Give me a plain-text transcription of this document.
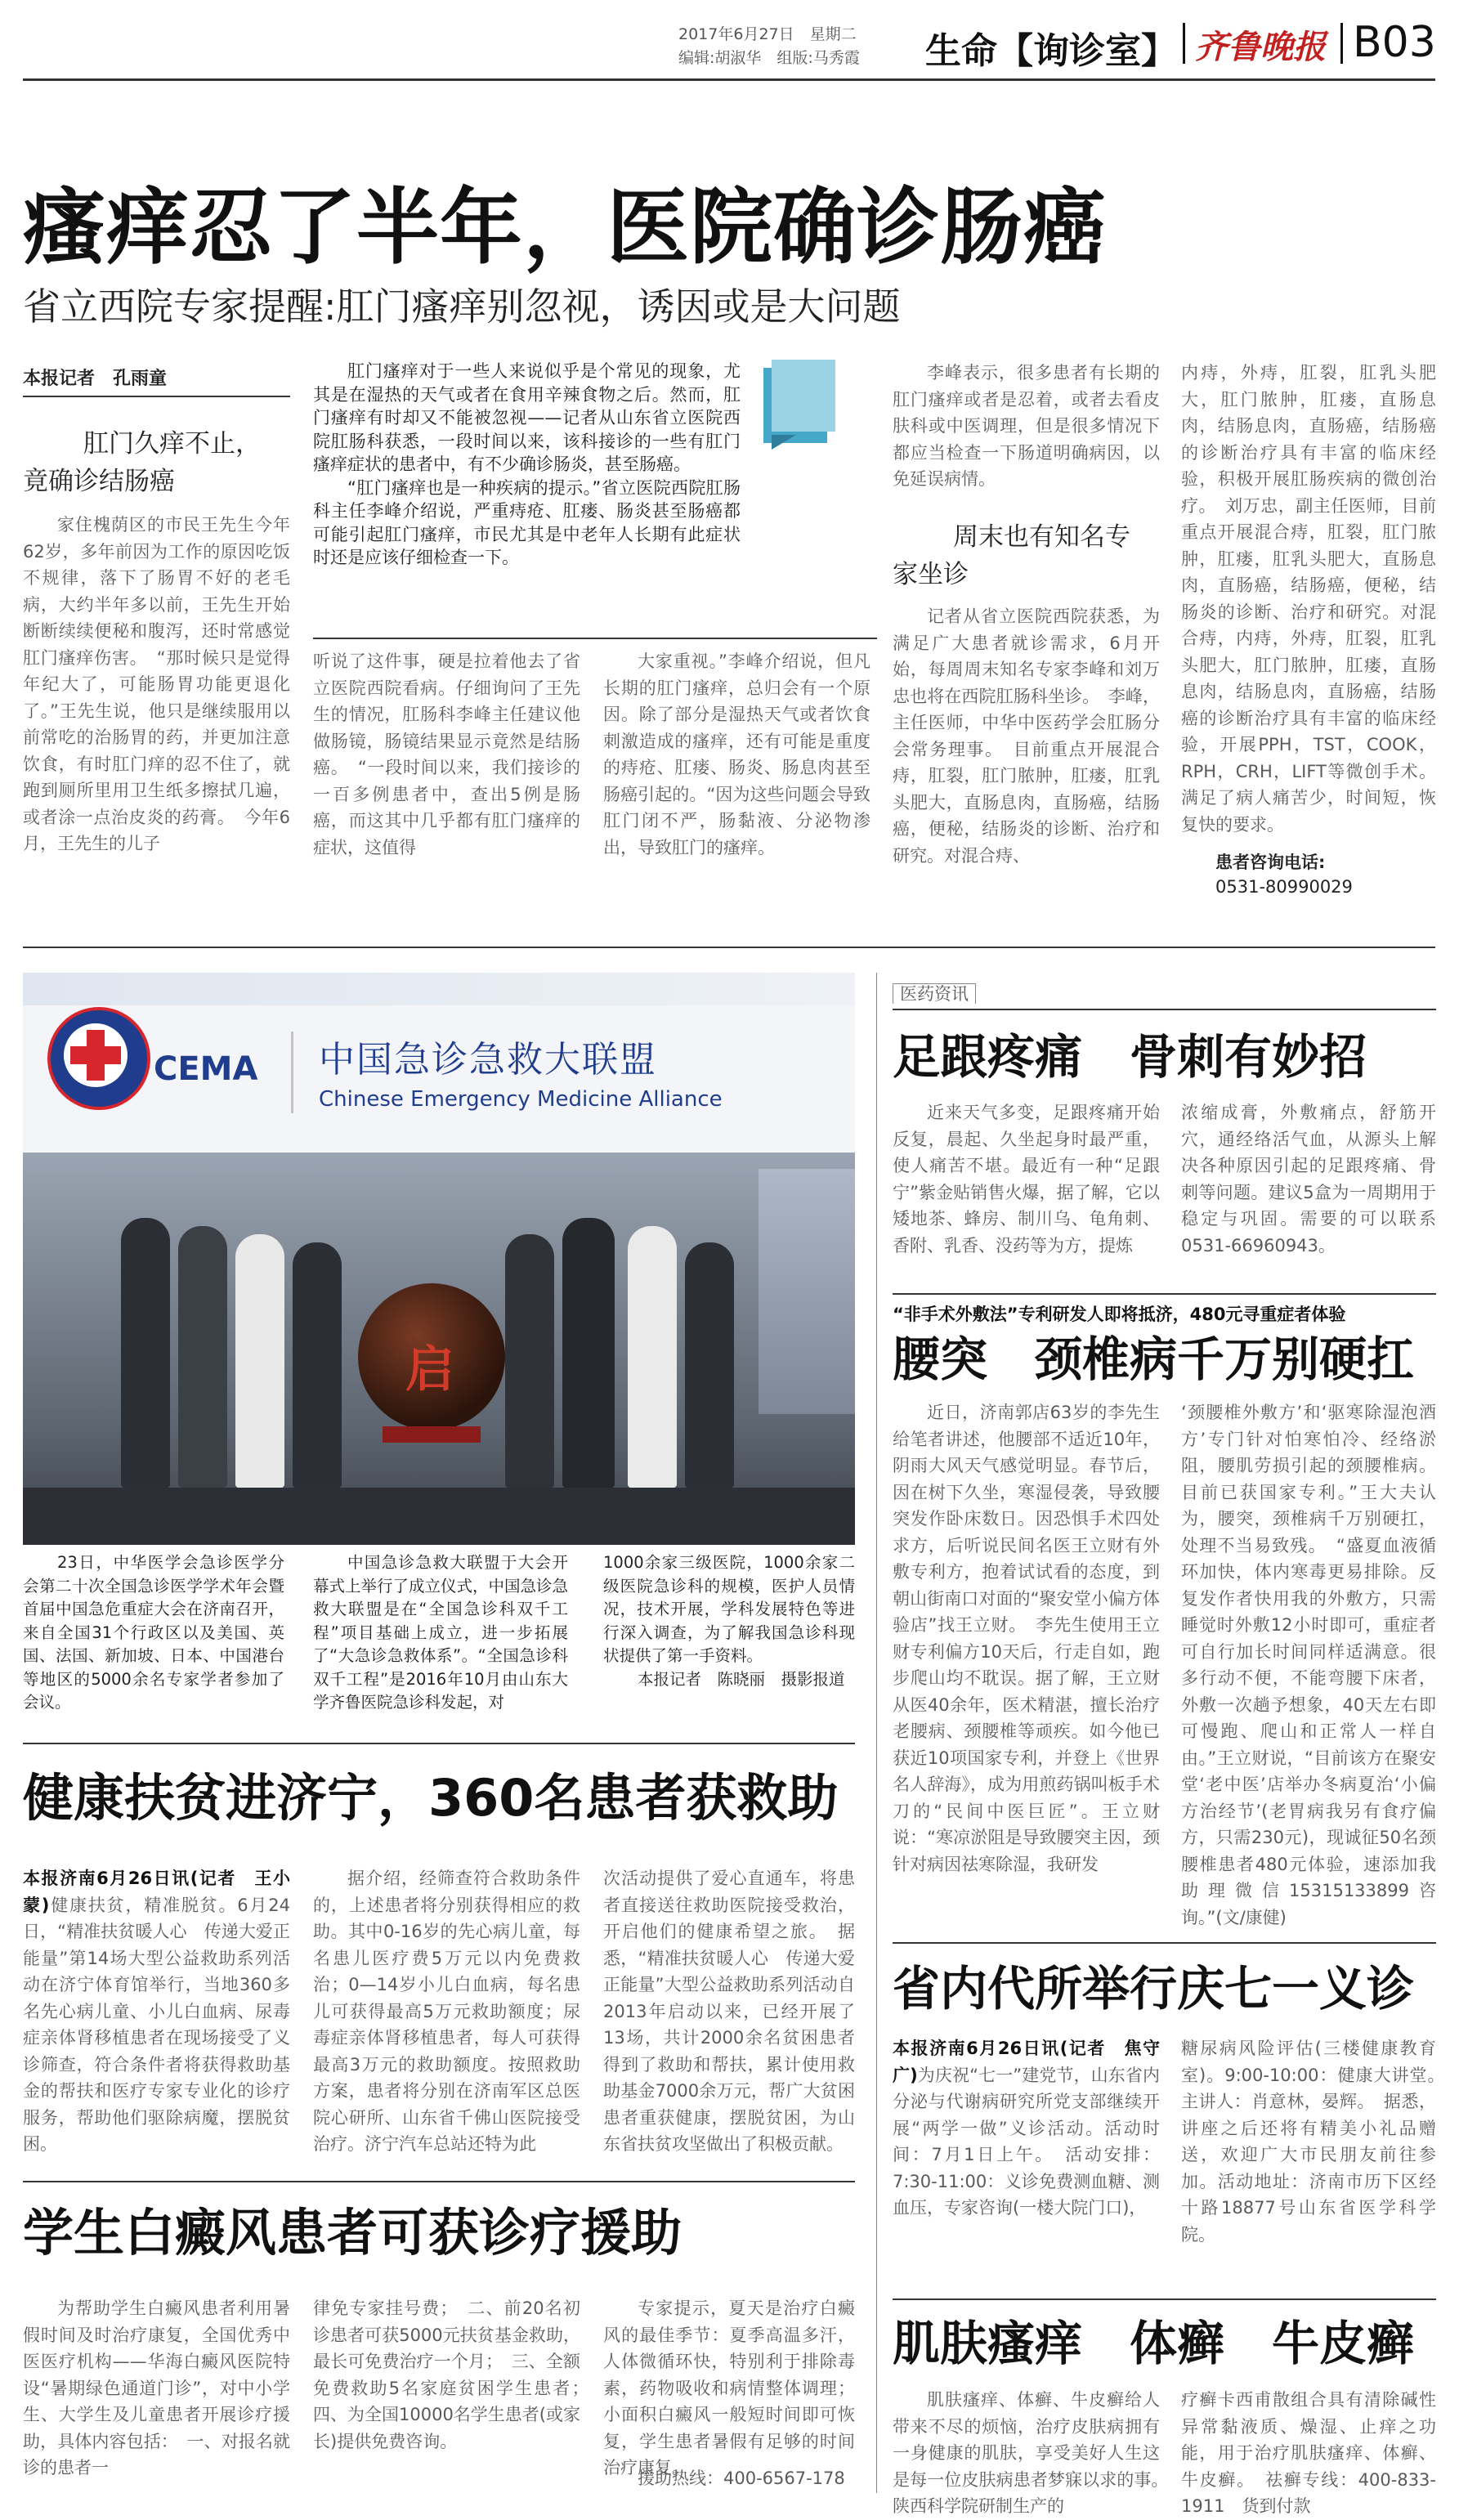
2017年6月27日　 星期二
编辑:胡淑华　 组版:马秀霞 生命【询诊室】 齐鲁晚报 B03
瘙痒忍了半年，医院确诊肠癌
省立西院专家提醒:肛门瘙痒别忽视，诱因或是大问题
本报记者　孔雨童
肛门久痒不止，竟确诊结肠癌
家住槐荫区的市民王先生今年62岁，多年前因为工作的原因吃饭不规律，落下了肠胃不好的老毛病，大约半年多以前，王先生开始断断续续便秘和腹泻，还时常感觉肛门瘙痒伤害。　“那时候只是觉得年纪大了，可能肠胃功能更退化了。”王先生说，他只是继续服用以前常吃的治肠胃的药，并更加注意饮食，有时肛门痒的忍不住了，就跑到厕所里用卫生纸多擦拭几遍，或者涂一点治皮炎的药膏。　今年6月，王先生的儿子
肛门瘙痒对于一些人来说似乎是个常见的现象，尤其是在湿热的天气或者在食用辛辣食物之后。然而，肛门瘙痒有时却又不能被忽视——记者从山东省立医院西院肛肠科获悉，一段时间以来，该科接诊的一些有肛门瘙痒症状的患者中，有不少确诊肠炎，甚至肠癌。
“肛门瘙痒也是一种疾病的提示。”省立医院西院肛肠科主任李峰介绍说，严重痔疮、肛瘘、肠炎甚至肠癌都可能引起肛门瘙痒，市民尤其是中老年人长期有此症状时还是应该仔细检查一下。
听说了这件事，硬是拉着他去了省立医院西院看病。仔细询问了王先生的情况，肛肠科李峰主任建议他做肠镜，肠镜结果显示竟然是结肠癌。　“一段时间以来，我们接诊的一百多例患者中，查出5例是肠癌，而这其中几乎都有肛门瘙痒的症状，这值得
大家重视。”李峰介绍说，但凡长期的肛门瘙痒，总归会有一个原因。除了部分是湿热天气或者饮食刺激造成的瘙痒，还有可能是重度的痔疮、肛瘘、肠炎、肠息肉甚至肠癌引起的。“因为这些问题会导致肛门闭不严，肠黏液、分泌物渗出，导致肛门的瘙痒。
李峰表示，很多患者有长期的肛门瘙痒或者是忍着，或者去看皮肤科或中医调理，但是很多情况下都应当检查一下肠道明确病因，以免延误病情。
周末也有知名专家坐诊
记者从省立医院西院获悉，为满足广大患者就诊需求，6月开始，每周周末知名专家李峰和刘万忠也将在西院肛肠科坐诊。　李峰，主任医师，中华中医药学会肛肠分会常务理事。　目前重点开展混合痔，肛裂，肛门脓肿，肛瘘，肛乳头肥大，直肠息肉，直肠癌，结肠癌，便秘，结肠炎的诊断、治疗和研究。对混合痔、
内痔，外痔，肛裂，肛乳头肥大，肛门脓肿，肛瘘，直肠息肉，结肠息肉，直肠癌，结肠癌的诊断治疗具有丰富的临床经验，积极开展肛肠疾病的微创治疗。　刘万忠，副主任医师，目前重点开展混合痔，肛裂，肛门脓肿，肛瘘，肛乳头肥大，直肠息肉，直肠癌，结肠癌，便秘，结肠炎的诊断、治疗和研究。对混合痔，内痔，外痔，肛裂，肛乳头肥大，肛门脓肿，肛瘘，直肠息肉，结肠息肉，直肠癌，结肠癌的诊断治疗具有丰富的临床经验，开展PPH，TST，COOK，RPH，CRH，LIFT等微创手术。满足了病人痛苦少，时间短，恢复快的要求。
患者咨询电话:
0531-80990029
CEMA 中国急诊急救大联盟
Chinese Emergency Medicine Alliance
启
23日，中华医学会急诊医学分会第二十次全国急诊医学学术年会暨首届中国急危重症大会在济南召开，来自全国31个行政区以及美国、英国、法国、新加坡、日本、中国港台等地区的5000余名专家学者参加了会议。
中国急诊急救大联盟于大会开幕式上举行了成立仪式，中国急诊急救大联盟是在“全国急诊科双千工程”项目基础上成立，进一步拓展了“大急诊急救体系”。“全国急诊科双千工程”是2016年10月由山东大学齐鲁医院急诊科发起，对
1000余家三级医院，1000余家二级医院急诊科的规模，医护人员情况，技术开展，学科发展特色等进行深入调查，为了解我国急诊科现状提供了第一手资料。
本报记者　陈晓丽　摄影报道
健康扶贫进济宁，360名患者获救助
本报济南6月26日讯(记者　王小蒙)健康扶贫，精准脱贫。6月24日，“精准扶贫暖人心　传递大爱正能量”第14场大型公益救助系列活动在济宁体育馆举行，当地360多名先心病儿童、小儿白血病、尿毒症亲体肾移植患者在现场接受了义诊筛查，符合条件者将获得救助基金的帮扶和医疗专家专业化的诊疗服务，帮助他们驱除病魔，摆脱贫困。
据介绍，经筛查符合救助条件的，上述患者将分别获得相应的救助。其中0-16岁的先心病儿童，每名患儿医疗费5万元以内免费救治；0—14岁小儿白血病，每名患儿可获得最高5万元救助额度；尿毒症亲体肾移植患者，每人可获得最高3万元的救助额度。按照救助方案，患者将分别在济南军区总医院心研所、山东省千佛山医院接受治疗。济宁汽车总站还特为此
次活动提供了爱心直通车，将患者直接送往救助医院接受救治，开启他们的健康希望之旅。　据悉，“精准扶贫暖人心　传递大爱正能量”大型公益救助系列活动自2013年启动以来，已经开展了13场，共计2000余名贫困患者得到了救助和帮扶，累计使用救助基金7000余万元，帮广大贫困患者重获健康，摆脱贫困，为山东省扶贫攻坚做出了积极贡献。
学生白癜风患者可获诊疗援助
为帮助学生白癜风患者利用暑假时间及时治疗康复，全国优秀中医医疗机构——华海白癜风医院特设“暑期绿色通道门诊”，对中小学生、大学生及儿童患者开展诊疗援助，具体内容包括：　一、对报名就诊的患者一
律免专家挂号费；　二、前20名初诊患者可获5000元扶贫基金救助，最长可免费治疗一个月；　三、全额免费救助5名家庭贫困学生患者；　四、为全国10000名学生患者(或家长)提供免费咨询。
专家提示，夏天是治疗白癜风的最佳季节：夏季高温多汗，人体微循环快，特别利于排除毒素，药物吸收和病情整体调理；小面积白癜风一般短时间即可恢复，学生患者暑假有足够的时间治疗康复。
援助热线：400-6567-178
医药资讯
足跟疼痛　骨刺有妙招
近来天气多变，足跟疼痛开始反复，晨起、久坐起身时最严重，使人痛苦不堪。最近有一种“足跟宁”紫金贴销售火爆，据了解，它以矮地茶、蜂房、制川乌、龟角刺、香附、乳香、没药等为方，提炼
浓缩成膏，外敷痛点，舒筋开穴，通经络活气血，从源头上解决各种原因引起的足跟疼痛、骨刺等问题。建议5盒为一周期用于稳定与巩固。需要的可以联系0531-66960943。
“非手术外敷法”专利研发人即将抵济，480元寻重症者体验
腰突　颈椎病千万别硬扛
近日，济南郭店63岁的李先生给笔者讲述，他腰部不适近10年，阴雨大风天气感觉明显。春节后，因在树下久坐，寒湿侵袭，导致腰突发作卧床数日。因恐惧手术四处求方，后听说民间名医王立财有外敷专利方，抱着试试看的态度，到朝山街南口对面的“聚安堂小偏方体验店”找王立财。　李先生使用王立财专利偏方10天后，行走自如，跑步爬山均不耽误。据了解，王立财从医40余年，医术精湛，擅长治疗老腰病、颈腰椎等顽疾。如今他已获近10项国家专利，并登上《世界名人辞海》，成为用煎药锅叫板手术刀的“民间中医巨匠”。王立财说：“寒凉淤阻是导致腰突主因，颈针对病因祛寒除湿，我研发
‘颈腰椎外敷方’和‘驱寒除湿泡酒方’专门针对怕寒怕冷、经络淤阻，腰肌劳损引起的颈腰椎病。目前已获国家专利。”王大夫认为，腰突，颈椎病千万别硬扛，处理不当易致残。　“盛夏血液循环加快，体内寒毒更易排除。反复发作者快用我的外敷方，只需睡觉时外敷12小时即可，重症者可自行加长时间同样适满意。很多行动不便，不能弯腰下床者，外敷一次趟予想象，40天左右即可慢跑、爬山和正常人一样自由。”王立财说，“目前该方在聚安堂‘老中医’店举办冬病夏治‘小偏方治经节’(老胃病我另有食疗偏方，只需230元)，现诚征50名颈腰椎患者480元体验，速添加我助理微信15315133899咨询。”(文/康健)
省内代所举行庆七一义诊
本报济南6月26日讯(记者　焦守广)为庆祝“七一”建党节，山东省内分泌与代谢病研究所党支部继续开展“两学一做”义诊活动。活动时间：7月1日上午。　活动安排：7:30-11:00：义诊免费测血糖、测血压，专家咨询(一楼大院门口)，
糖尿病风险评估(三楼健康教育室)。9:00-10:00：健康大讲堂。　主讲人：肖意林，晏辉。　据悉，讲座之后还将有精美小礼品赠送，欢迎广大市民朋友前往参加。活动地址：济南市历下区经十路18877号山东省医学科学院。
肌肤瘙痒　体癣　牛皮癣
肌肤瘙痒、体癣、牛皮癣给人带来不尽的烦恼，治疗皮肤病拥有一身健康的肌肤，享受美好人生这是每一位皮肤病患者梦寐以求的事。　陕西科学院研制生产的
疗癣卡西甫散组合具有清除碱性异常黏液质、燥湿、止痒之功能，用于治疗肌肤瘙痒、体癣、牛皮癣。　祛癣专线：400-833-1911　货到付款
